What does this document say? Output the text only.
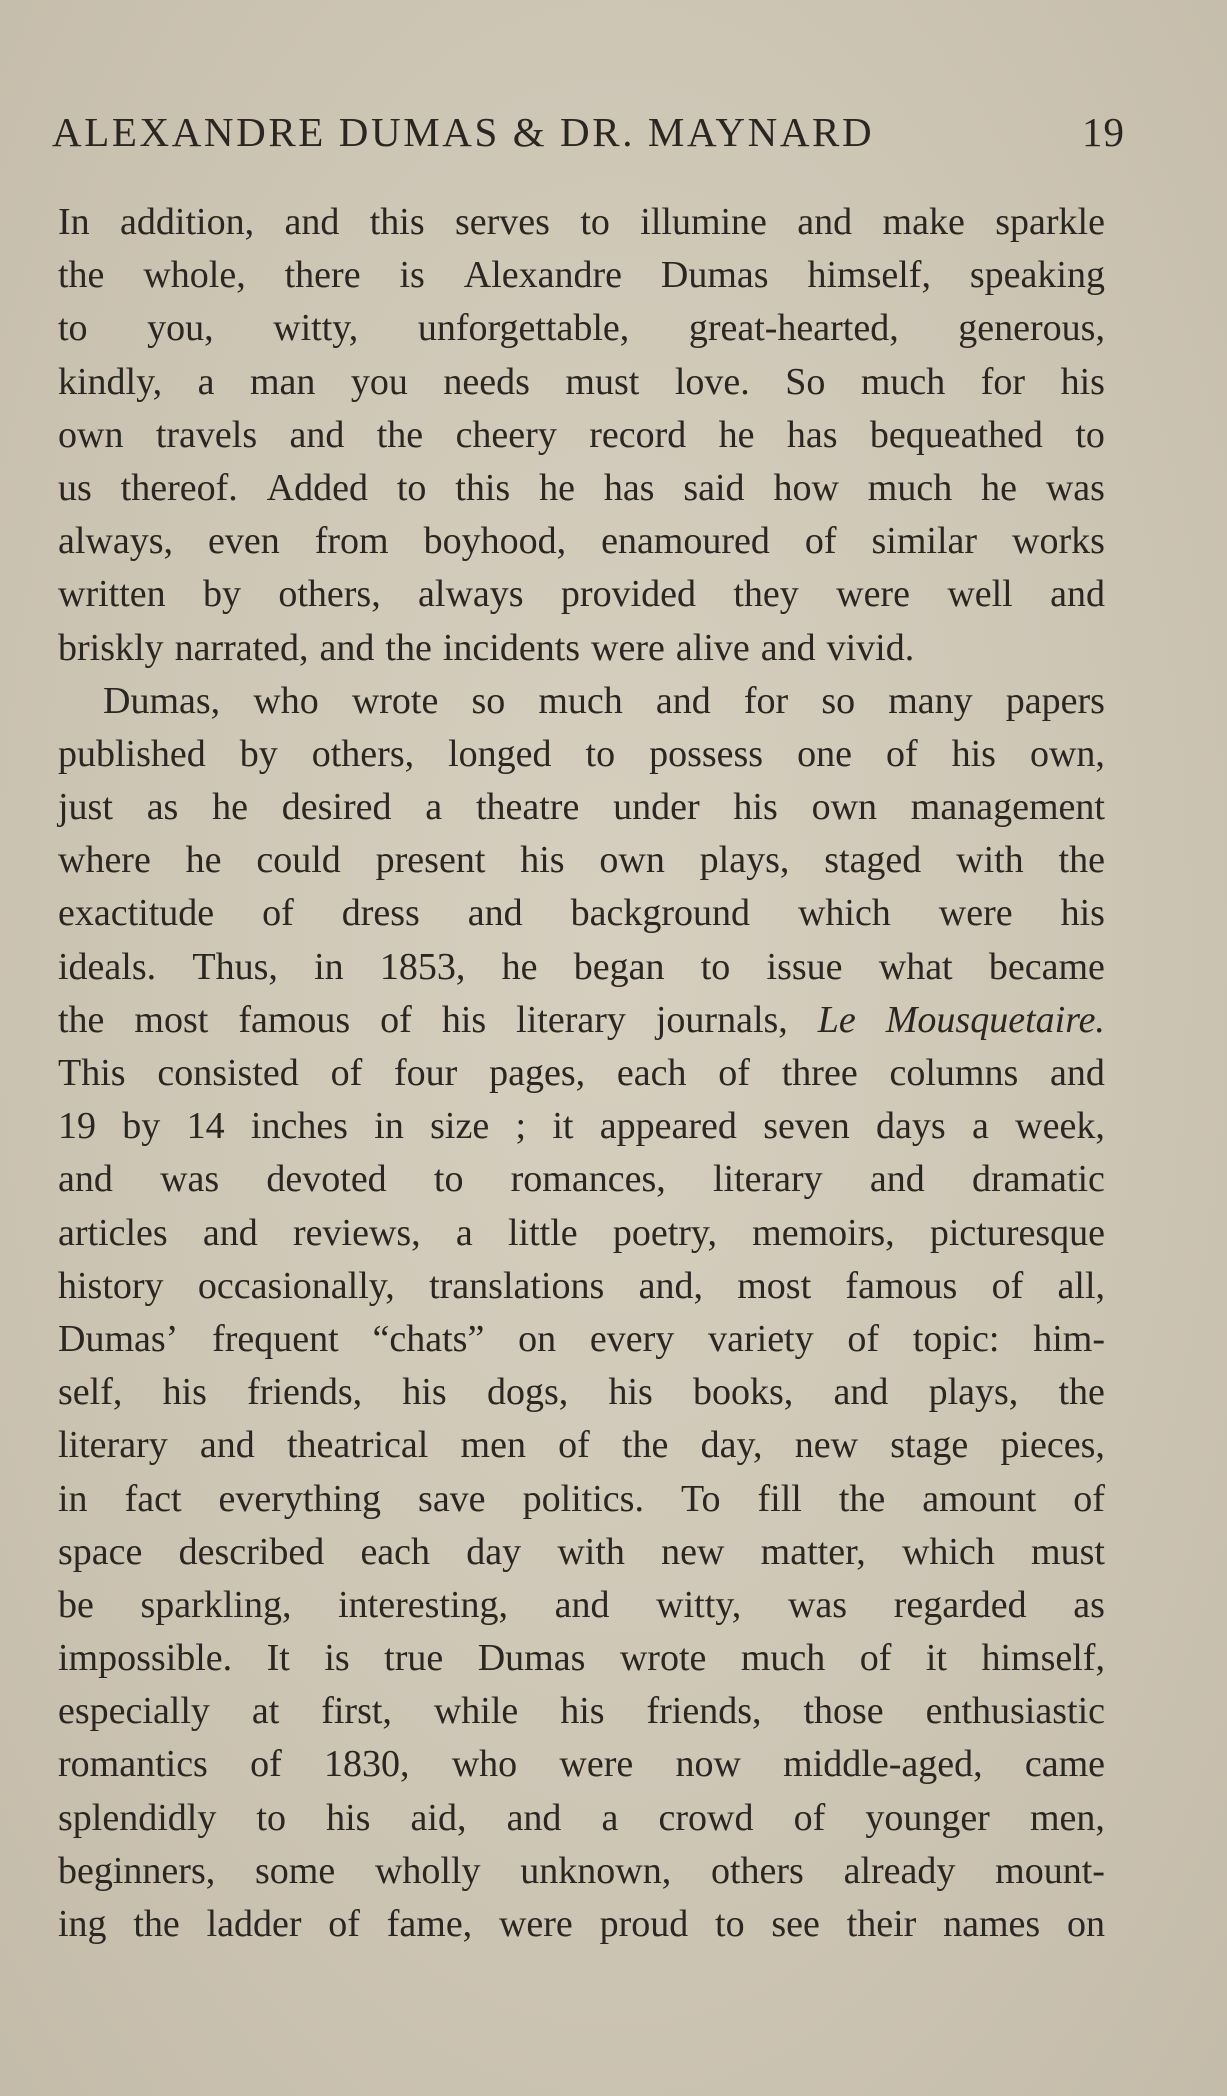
ALEXANDRE DUMAS & DR. MAYNARD	19
In addition, and this serves to illumine and make sparkle
the whole, there is Alexandre Dumas himself, speaking
to you, witty, unforgettable, great-hearted, generous,
kindly, a man you needs must love. So much for his
own travels and the cheery record he has bequeathed to
us thereof. Added to this he has said how much he was
always, even from boyhood, enamoured of similar works
written by others, always provided they were well and
briskly narrated, and the incidents were alive and vivid.
Dumas, who wrote so much and for so many papers
published by others, longed to possess one of his own,
just as he desired a theatre under his own management
where he could present his own plays, staged with the
exactitude of dress and background which were his
ideals. Thus, in 1853, he began to issue what became
the most famous of his literary journals, Le Mousquetaire.
This consisted of four pages, each of three columns and
19 by 14 inches in size ; it appeared seven days a week,
and was devoted to romances, literary and dramatic
articles and reviews, a little poetry, memoirs, picturesque
history occasionally, translations and, most famous of all,
Dumas’ frequent “chats” on every variety of topic: him-
self, his friends, his dogs, his books, and plays, the
literary and theatrical men of the day, new stage pieces,
in fact everything save politics. To fill the amount of
space described each day with new matter, which must
be sparkling, interesting, and witty, was regarded as
impossible. It is true Dumas wrote much of it himself,
especially at first, while his friends, those enthusiastic
romantics of 1830, who were now middle-aged, came
splendidly to his aid, and a crowd of younger men,
beginners, some wholly unknown, others already mount-
ing the ladder of fame, were proud to see their names on
